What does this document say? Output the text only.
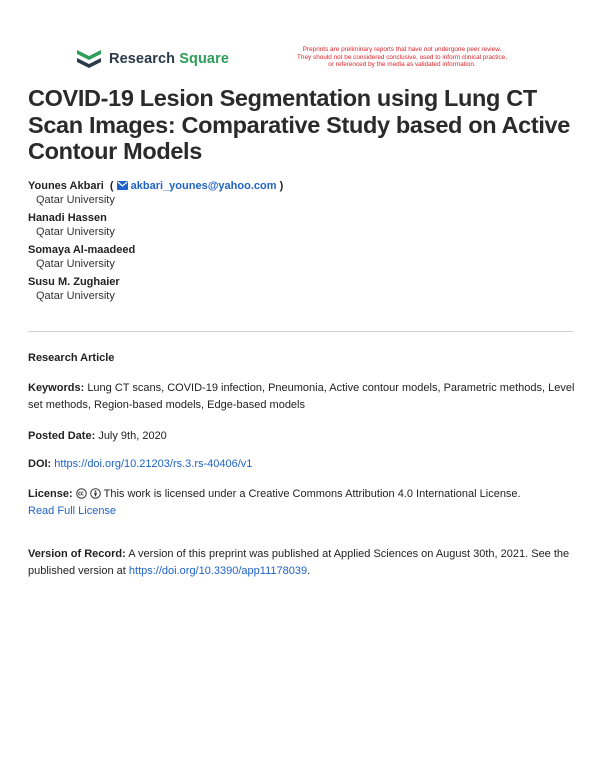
Research Square
Preprints are preliminary reports that have not undergone peer review.
They should not be considered conclusive, used to inform clinical practice,
or referenced by the media as validated information.
COVID-19 Lesion Segmentation using Lung CT Scan Images: Comparative Study based on Active Contour Models
Younes Akbari  ( akbari_younes@yahoo.com )
Qatar University
Hanadi Hassen
Qatar University
Somaya Al-maadeed
Qatar University
Susu M. Zughaier
Qatar University
Research Article
Keywords: Lung CT scans, COVID-19 infection, Pneumonia, Active contour models, Parametric methods, Level set methods, Region-based models, Edge-based models
Posted Date: July 9th, 2020
DOI: https://doi.org/10.21203/rs.3.rs-40406/v1
License:	This work is licensed under a Creative Commons Attribution 4.0 International License.
Read Full License
Version of Record: A version of this preprint was published at Applied Sciences on August 30th, 2021. See the published version at https://doi.org/10.3390/app11178039.
